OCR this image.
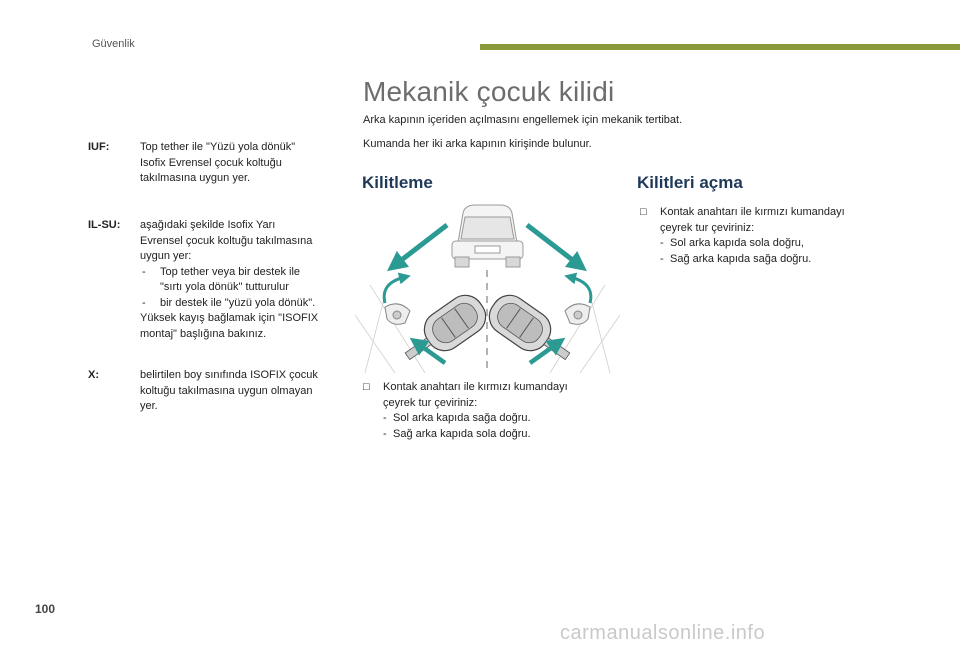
Güvenlik
IUF:	Top tether ile "Yüzü yola dönük"

Isofix Evrensel çocuk koltuğu

takılmasına uygun yer.

IL-SU:	aşağıdaki şekilde Isofix Yarı

Evrensel çocuk koltuğu takılmasına

uygun yer:

- Top tether veya bir destek ile

"sırtı yola dönük" tutturulur

- bir destek ile "yüzü yola dönük".

Yüksek kayış bağlamak için "ISOFIX

montaj" başlığına bakınız.

X:	belirtilen boy sınıfında ISOFIX çocuk

koltuğu takılmasına uygun olmayan

yer.

Mekanik çocuk kilidi
Arka kapının içeriden açılmasını engellemek için mekanik tertibat.
Kumanda her iki arka kapının kirişinde bulunur.
Kilitleme	Kilitleri açma
□ Kontak anahtarı ile kırmızı kumandayı
çeyrek tur çeviriniz:
- Sol arka kapıda sola doğru,
- Sağ arka kapıda sağa doğru.
□ Kontak anahtarı ile kırmızı kumandayı
çeyrek tur çeviriniz:
- Sol arka kapıda sağa doğru.
- Sağ arka kapıda sola doğru.
100
carmanualsonline.info
